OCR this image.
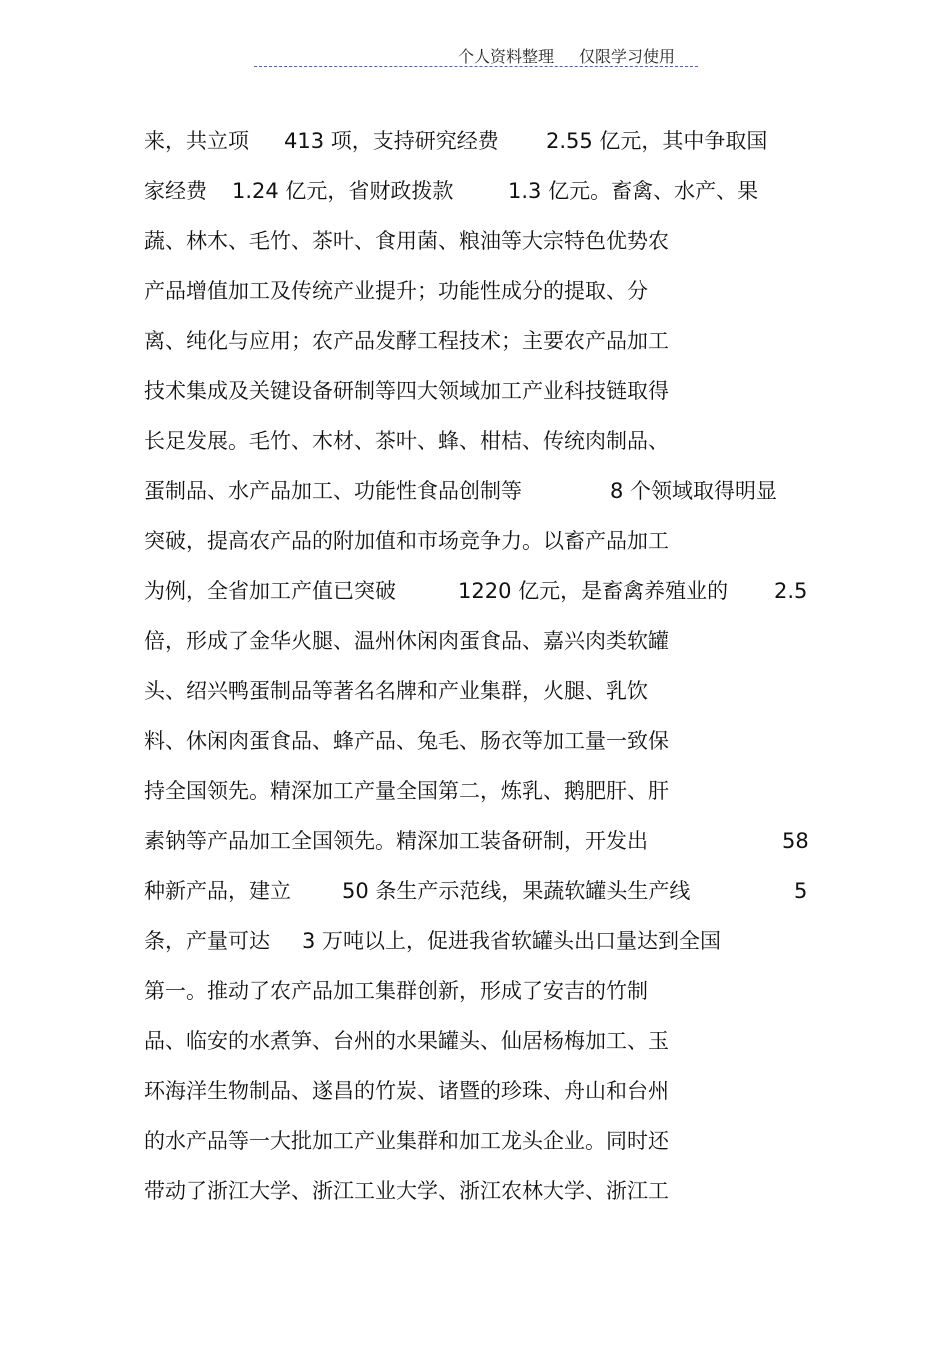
个人资料整理 仅限学习使用
来，共立项 413 项，支持研究经费 2.55 亿元，其中争取国
家经费 1.24 亿元，省财政拨款	1.3 亿元。畜禽、水产、果
蔬、林木、毛竹、茶叶、食用菌、粮油等大宗特色优势农
产品增值加工及传统产业提升；功能性成分的提取、分
离、纯化与应用；农产品发酵工程技术；主要农产品加工
技术集成及关键设备研制等四大领域加工产业科技链取得
长足发展。毛竹、木材、茶叶、蜂、柑桔、传统肉制品、
蛋制品、水产品加工、功能性食品创制等	8 个领域取得明显
突破，提高农产品的附加值和市场竞争力。以畜产品加工
为例，全省加工产值已突破	1220 亿元，是畜禽养殖业的 2.5
倍，形成了金华火腿、温州休闲肉蛋食品、嘉兴肉类软罐
头、绍兴鸭蛋制品等著名名牌和产业集群，火腿、乳饮
料、休闲肉蛋食品、蜂产品、兔毛、肠衣等加工量一致保
持全国领先。精深加工产量全国第二，炼乳、鹅肥肝、肝
素钠等产品加工全国领先。精深加工装备研制，开发出	58
种新产品，建立 50 条生产示范线，果蔬软罐头生产线	5
条，产量可达 3 万吨以上，促进我省软罐头出口量达到全国
第一。推动了农产品加工集群创新，形成了安吉的竹制
品、临安的水煮笋、台州的水果罐头、仙居杨梅加工、玉
环海洋生物制品、遂昌的竹炭、诸暨的珍珠、舟山和台州
的水产品等一大批加工产业集群和加工龙头企业。同时还
带动了浙江大学、浙江工业大学、浙江农林大学、浙江工
